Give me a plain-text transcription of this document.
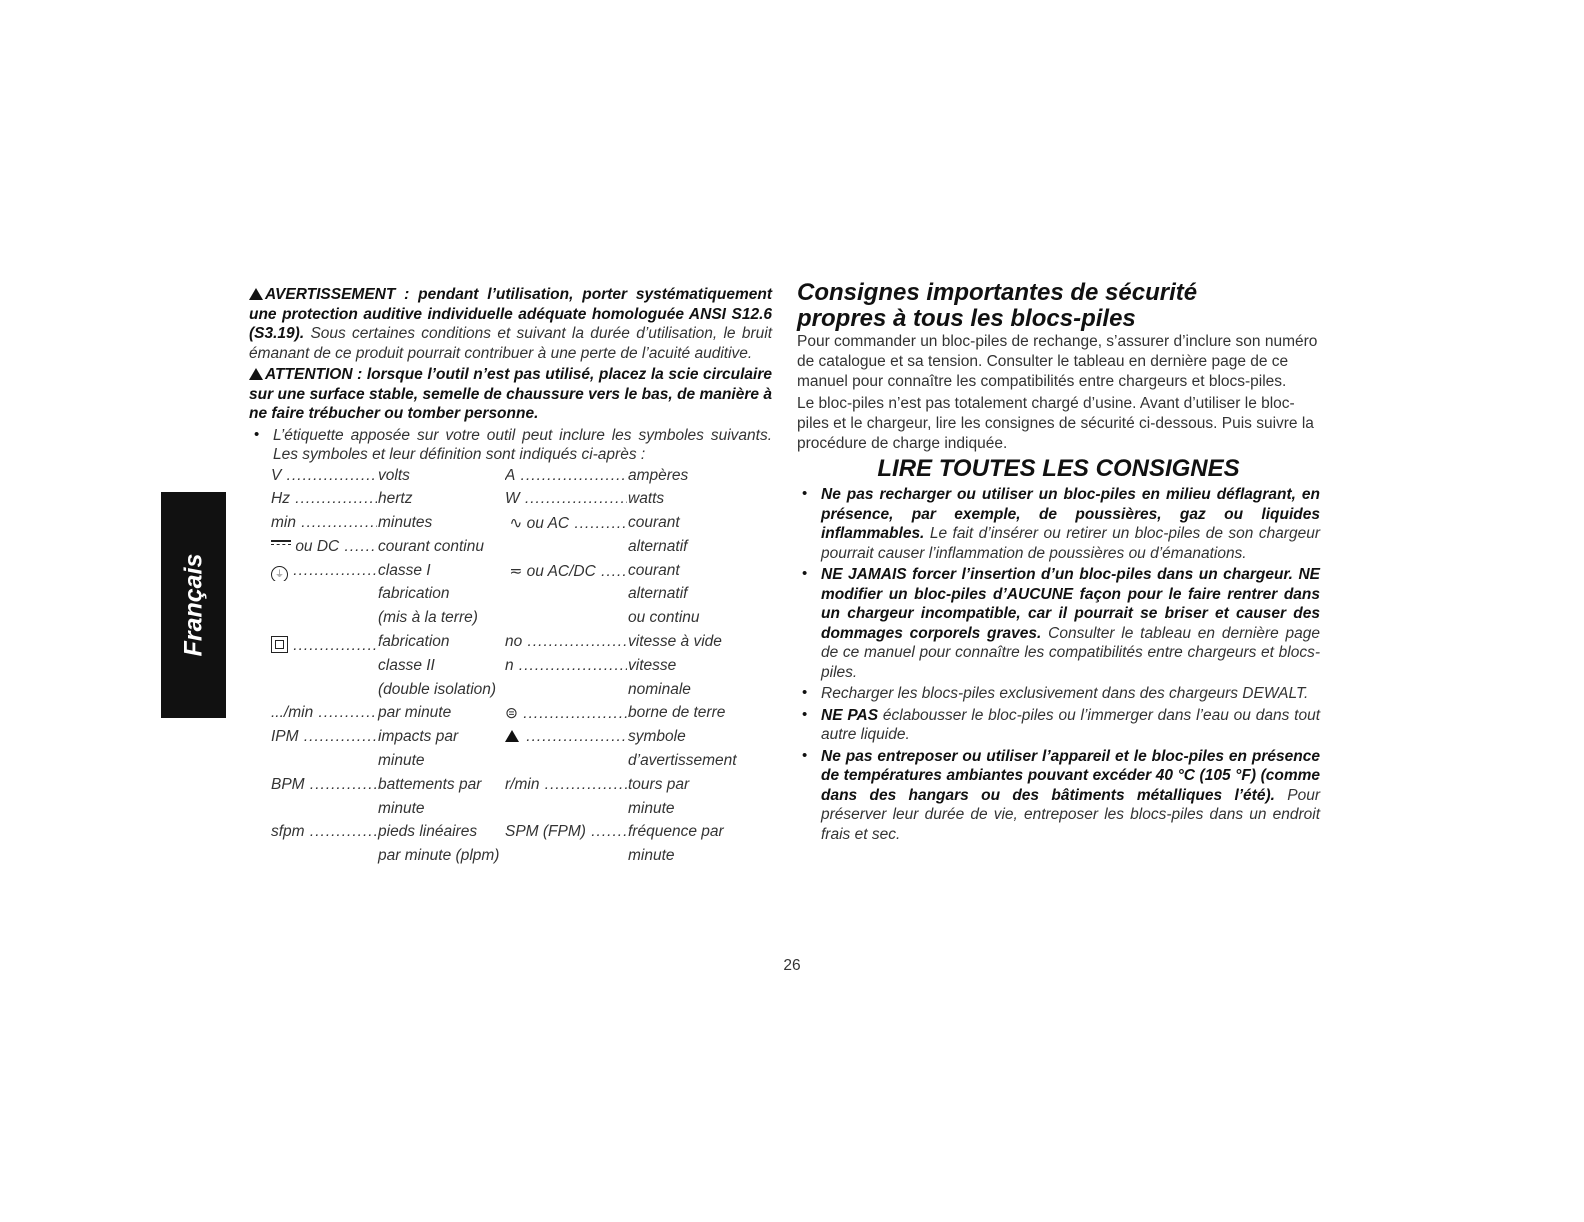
Français

AVERTISSEMENT : pendant l’utilisation, porter systématiquement une protection auditive individuelle adéquate homologuée ANSI S12.6 (S3.19). Sous certaines conditions et suivant la durée d’utilisation, le bruit émanant de ce produit pourrait contribuer à une perte de l’acuité auditive.

ATTENTION : lorsque l’outil n’est pas utilisé, placez la scie circulaire sur une surface stable, semelle de chaussure vers le bas, de manière à ne faire trébucher ou tomber personne.

• L’étiquette apposée sur votre outil peut inclure les symboles suivants. Les symboles et leur définition sont indiqués ci-après :

V .....	volts	A .....	ampères
Hz .....	hertz	W .....	watts
min .....	minutes	∿ ou AC .....	courant
ou DC .....	courant continu	alternatif
⏚ .....	classe I	≂ ou AC/DC .....	courant
fabrication	alternatif
(mis à la terre)	ou continu
.....
fabrication	no .....	vitesse à vide
classe II	n .....	vitesse
(double isolation)	nominale
.../min .....	par minute	⊜ .....	borne de terre
IPM .....	impacts par
.....	symbole
minute	d’avertissement
BPM .....	battements par r/min .....	tours par
minute	minute
sfpm .....	pieds linéaires SPM (FPM) .....	fréquence par
par minute (plpm)	minute
Consignes importantes de sécurité
propres à tous les blocs-piles

Pour commander un bloc-piles de rechange, s’assurer d’inclure son numéro de catalogue et sa tension. Consulter le tableau en dernière page de ce manuel pour connaître les compatibilités entre chargeurs et blocs-piles.

Le bloc-piles n’est pas totalement chargé d’usine. Avant d’utiliser le bloc-piles et le chargeur, lire les consignes de sécurité ci-dessous. Puis suivre la procédure de charge indiquée.

LIRE TOUTES LES CONSIGNES
• Ne pas recharger ou utiliser un bloc-piles en milieu déflagrant, en présence, par exemple, de poussières, gaz ou liquides inflammables. Le fait d’insérer ou retirer un bloc-piles de son chargeur pourrait causer l’inflammation de poussières ou d’émanations.

• NE JAMAIS forcer l’insertion d’un bloc-piles dans un chargeur. NE modifier un bloc-piles d’AUCUNE façon pour le faire rentrer dans un chargeur incompatible, car il pourrait se briser et causer des dommages corporels graves. Consulter le tableau en dernière page de ce manuel pour connaître les compatibilités entre chargeurs et blocs-piles.

• Recharger les blocs-piles exclusivement dans des chargeurs DEWALT.

• NE PAS éclabousser le bloc-piles ou l’immerger dans l’eau ou dans tout autre liquide.

• Ne pas entreposer ou utiliser l’appareil et le bloc-piles en présence de températures ambiantes pouvant excéder 40 °C (105 °F) (comme dans des hangars ou des bâtiments métalliques l’été). Pour préserver leur durée de vie, entreposer les blocs-piles dans un endroit frais et sec.

26
